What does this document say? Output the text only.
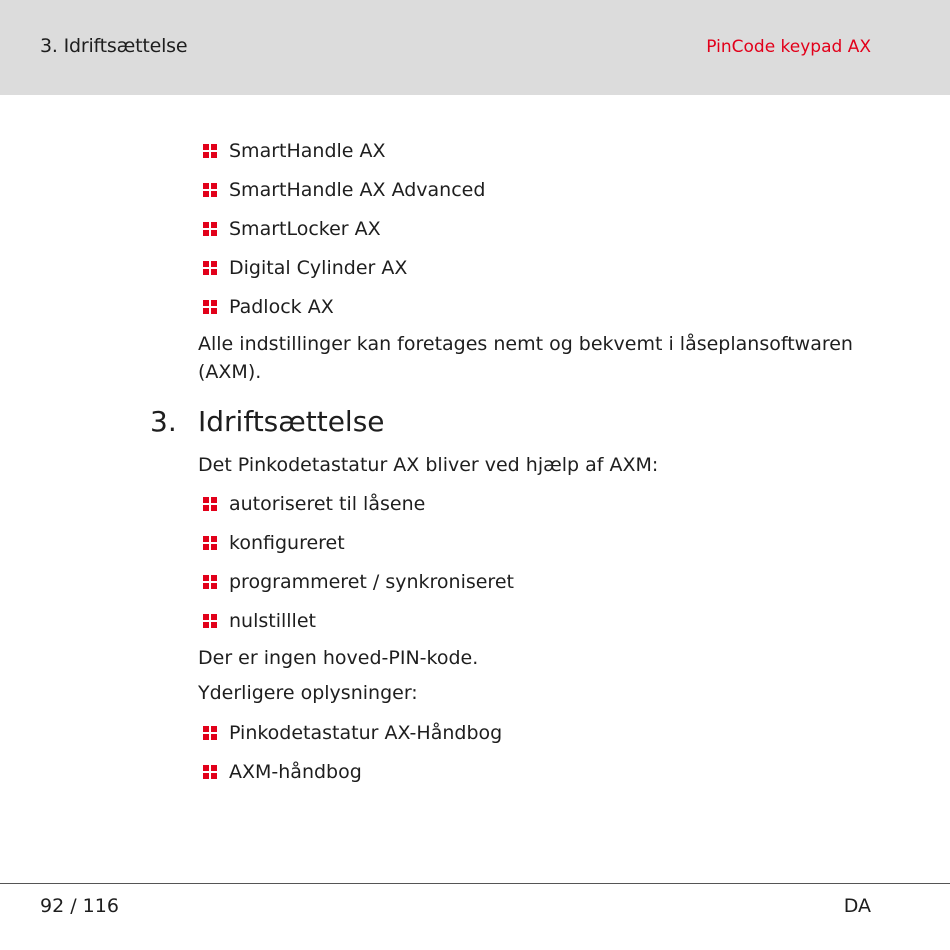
3. Idriftsættelse	PinCode keypad AX
SmartHandle AX
SmartHandle AX Advanced
SmartLocker AX
Digital Cylinder AX
Padlock AX
Alle indstillinger kan foretages nemt og bekvemt i låseplansoftwaren (AXM).
3. Idriftsættelse
Det Pinkodetastatur AX bliver ved hjælp af AXM:
autoriseret til låsene
konfigureret
programmeret / synkroniseret
nulstilllet
Der er ingen hoved-PIN-kode.
Yderligere oplysninger:
Pinkodetastatur AX-Håndbog
AXM-håndbog
92 / 116	DA
